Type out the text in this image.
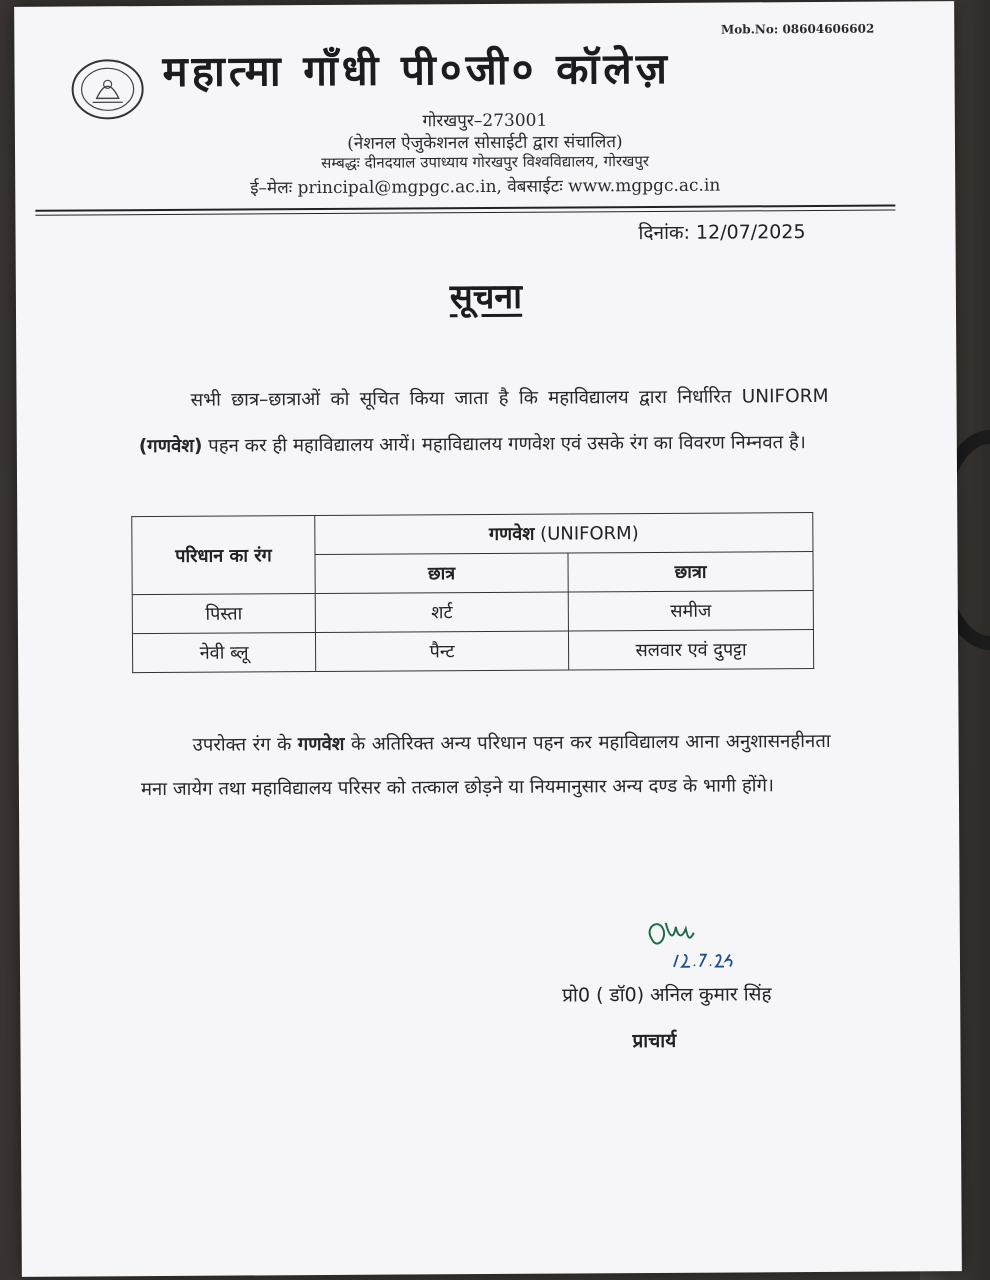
Mob.No: 08604606602
महात्मा गाँधी पी०जी० कॉलेज़
गोरखपुर–273001
(नेशनल ऐजुकेशनल सोसाईटी द्वारा संचालित)
सम्बद्धः दीनदयाल उपाध्याय गोरखपुर विश्वविद्यालय, गोरखपुर
ई–मेलः principal@mgpgc.ac.in, वेबसाईटः www.mgpgc.ac.in
दिनांक: 12/07/2025
सूचना
सभी छात्र–छात्राओं को सूचित किया जाता है कि महाविद्यालय द्वारा निर्धारित UNIFORM (गणवेश) पहन कर ही महाविद्यालय आयें। महाविद्यालय गणवेश एवं उसके रंग का विवरण निम्नवत है।
परिधान का रंग	गणवेश (UNIFORM)	
	छात्र	छात्रा
पिस्ता	शर्ट	समीज
नेवी ब्लू	पैन्ट	सलवार एवं दुपट्टा
उपरोक्त रंग के गणवेश के अतिरिक्त अन्य परिधान पहन कर महाविद्यालय आना अनुशासनहीनता मना जायेग तथा महाविद्यालय परिसर को तत्काल छोड़ने या नियमानुसार अन्य दण्ड के भागी होंगे।
प्रो0 ( डॉ0) अनिल कुमार सिंह
प्राचार्य
